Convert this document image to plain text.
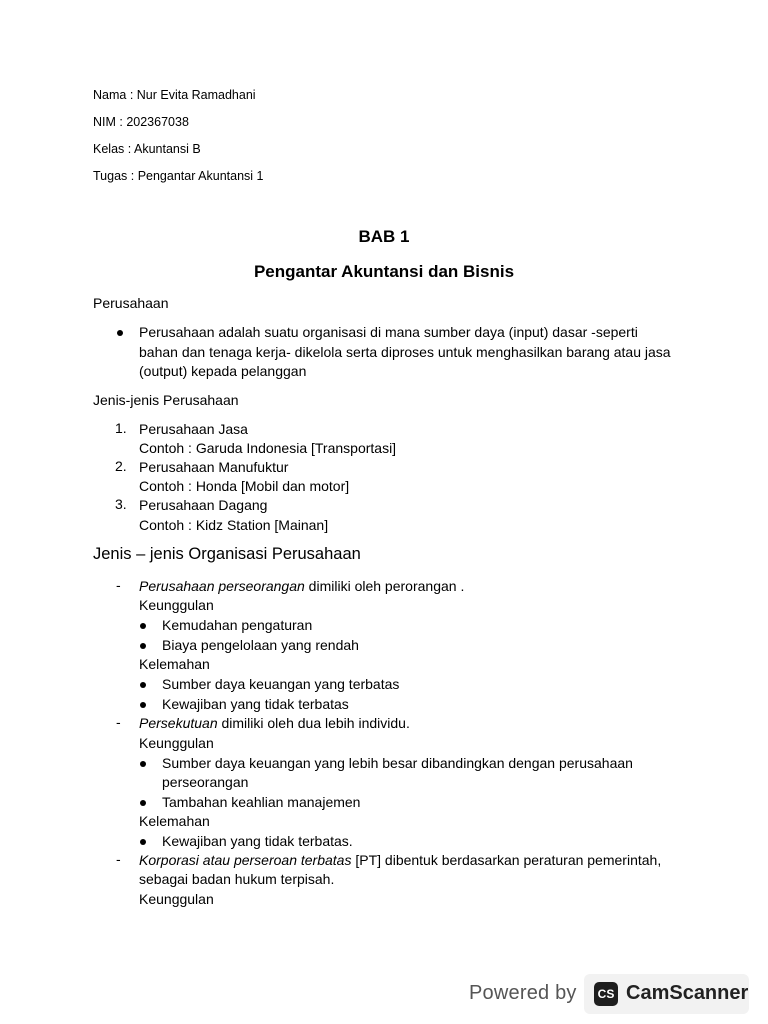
Nama : Nur Evita Ramadhani
NIM : 202367038
Kelas : Akuntansi B
Tugas : Pengantar Akuntansi 1
BAB 1
Pengantar Akuntansi dan Bisnis
Perusahaan
Perusahaan adalah suatu organisasi di mana sumber daya (input) dasar -seperti
bahan dan tenaga kerja- dikelola serta diproses untuk menghasilkan barang atau jasa
(output) kepada pelanggan
Jenis-jenis Perusahaan
1. Perusahaan Jasa
Contoh : Garuda Indonesia [Transportasi]
2. Perusahaan Manufuktur
Contoh : Honda [Mobil dan motor]
3. Perusahaan Dagang
Contoh : Kidz Station [Mainan]
Jenis – jenis Organisasi Perusahaan
- Perusahaan perseorangan dimiliki oleh perorangan .
Keunggulan
Kemudahan pengaturan
Biaya pengelolaan yang rendah
Kelemahan
Sumber daya keuangan yang terbatas
Kewajiban yang tidak terbatas
- Persekutuan dimiliki oleh dua lebih individu.
Keunggulan
Sumber daya keuangan yang lebih besar dibandingkan dengan perusahaan
perseorangan
Tambahan keahlian manajemen
Kelemahan
Kewajiban yang tidak terbatas.
- Korporasi atau perseroan terbatas [PT] dibentuk berdasarkan peraturan pemerintah,
sebagai badan hukum terpisah.
Keunggulan
Powered by	CS CamScanner
